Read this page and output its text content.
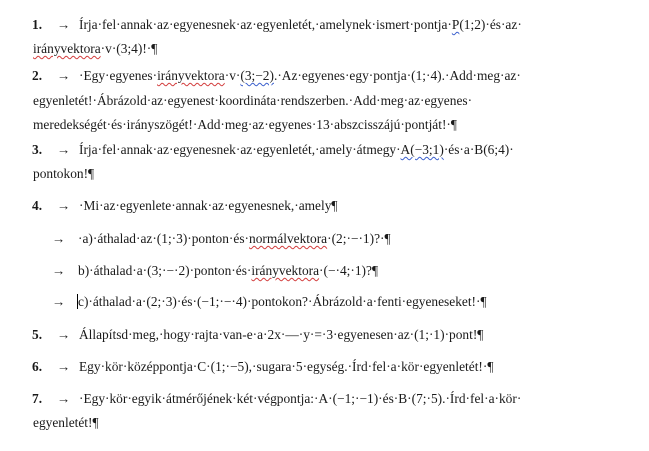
1. → Írja·fel·annak·az·egyenesnek·az·egyenletét,·amelynek·ismert·pontja·P(1;2)·és·az·
irányvektora·v·(3;4)!·¶
2. → ·Egy·egyenes·irányvektora·v·(3;−2).·Az·egyenes·egy·pontja·(1;·4).·Add·meg·az·
egyenletét!·Ábrázold·az·egyenest·koordináta·rendszerben.·Add·meg·az·egyenes·
meredekségét·és·irányszögét!·Add·meg·az·egyenes·13·abszcisszájú·pontját!·¶
3. → Írja·fel·annak·az·egyenesnek·az·egyenletét,·amely·átmegy·A(−3;1)·és·a·B(6;4)·
pontokon!¶
4. → ·Mi·az·egyenlete·annak·az·egyenesnek,·amely¶
→ ·a)·áthalad·az·(1;·3)·ponton·és·normálvektora·(2;·−·1)?·¶
→ b)·áthalad·a·(3;·−·2)·ponton·és·irányvektora·(−·4;·1)?¶
→ c)·áthalad·a·(2;·3)·és·(−1;·−·4)·pontokon?·Ábrázold·a·fenti·egyeneseket!·¶
5. → Állapítsd·meg,·hogy·rajta·van-e·a·2x·—·y·=·3·egyenesen·az·(1;·1)·pont!¶
6. → Egy·kör·középpontja·C·(1;·−5),·sugara·5·egység.·Írd·fel·a·kör·egyenletét!·¶
7. → ·Egy·kör·egyik·átmérőjének·két·végpontja:·A·(−1;·−1)·és·B·(7;·5).·Írd·fel·a·kör·
egyenletét!¶
